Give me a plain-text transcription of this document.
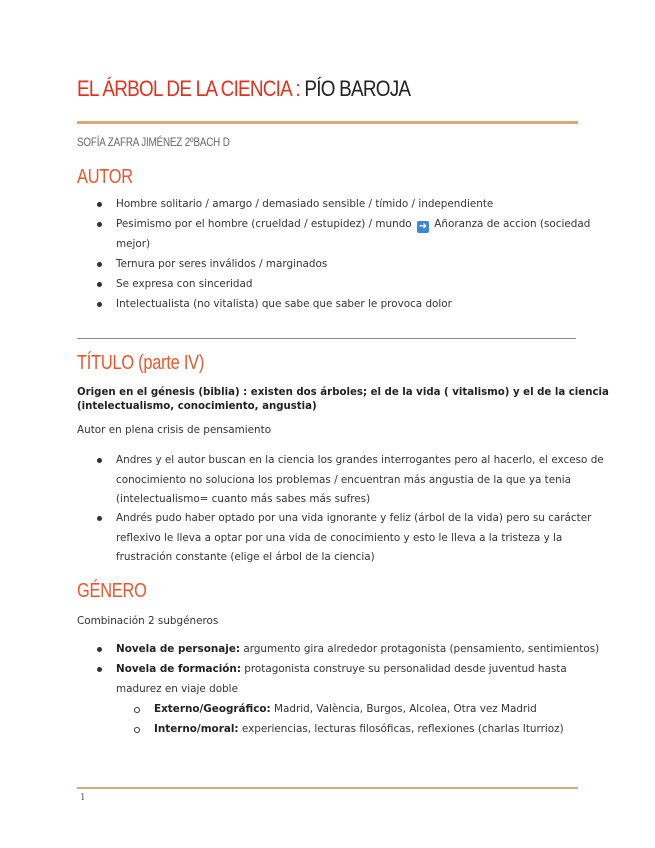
EL ÁRBOL DE LA CIENCIA : PÍO BAROJA
SOFÍA ZAFRA JIMÉNEZ 2ºBACH D
AUTOR
Hombre solitario / amargo / demasiado sensible / tímido / independiente
Pesimismo por el hombre (crueldad / estupidez) / mundo ➜ Añoranza de accion (sociedad
mejor)
Ternura por seres inválidos / marginados
Se expresa con sinceridad
Intelectualista (no vitalista) que sabe que saber le provoca dolor
TÍTULO (parte IV)

Origen en el génesis (biblia) : existen dos árboles; el de la vida ( vitalismo) y el de la ciencia

(intelectualismo, conocimiento, angustia)

Autor en plena crisis de pensamiento

Andres y el autor buscan en la ciencia los grandes interrogantes pero al hacerlo, el exceso de
conocimiento no soluciona los problemas / encuentran más angustia de la que ya tenia
(intelectualismo= cuanto más sabes más sufres)
Andrés pudo haber optado por una vida ignorante y feliz (árbol de la vida) pero su carácter
reflexivo le lleva a optar por una vida de conocimiento y esto le lleva a la tristeza y la
frustración constante (elige el árbol de la ciencia)
GÉNERO

Combinación 2 subgéneros

Novela de personaje: argumento gira alrededor protagonista (pensamiento, sentimientos)
Novela de formación: protagonista construye su personalidad desde juventud hasta
madurez en viaje doble
Externo/Geográfico: Madrid, València, Burgos, Alcolea, Otra vez Madrid
Interno/moral: experiencias, lecturas filosóficas, reflexiones (charlas Iturrioz)
1
